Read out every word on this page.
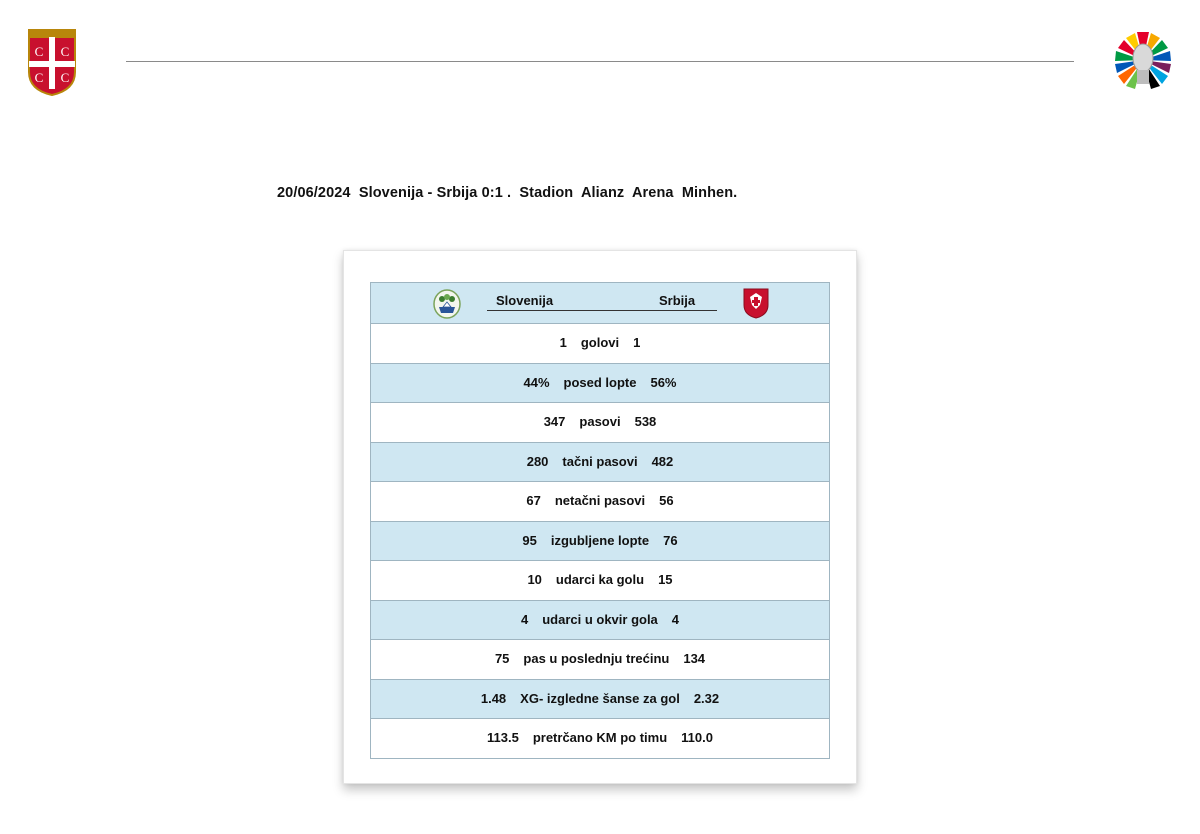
C C
C C
20/06/2024  Slovenija - Srbija 0:1 .  Stadion  Alianz  Arena  Minhen.
Slovenija	Srbija
1 golovi 1
44% posed lopte 56%
347 pasovi 538
280 tačni pasovi 482
67 netačni pasovi 56
95 izgubljene lopte 76
10 udarci ka golu 15
4 udarci u okvir gola 4
75 pas u poslednju trećinu 134
1.48 XG- izgledne šanse za gol 2.32
113.5 pretrčano KM po timu 110.0
